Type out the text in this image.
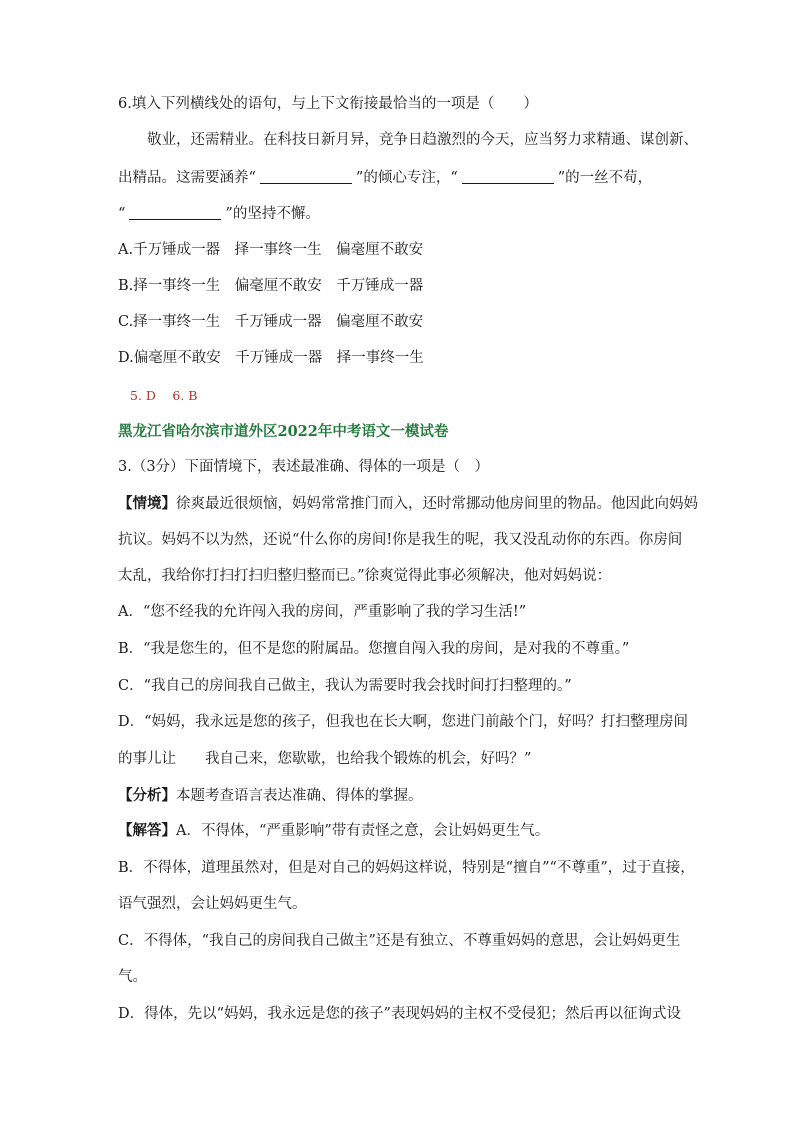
6.填入下列横线处的语句，与上下文衔接最恰当的一项是（　　）
敬业，还需精业。在科技日新月异，竞争日趋激烈的今天，应当努力求精通、谋创新、
出精品。这需要涵养“	”的倾心专注，“	”的一丝不苟，
“	”的坚持不懈。
A.千万锤成一器　择一事终一生　偏毫厘不敢安
B.择一事终一生　偏毫厘不敢安　千万锤成一器
C.择一事终一生　千万锤成一器　偏毫厘不敢安
D.偏毫厘不敢安　千万锤成一器　择一事终一生
5. D　 6. B
黑龙江省哈尔滨市道外区2022年中考语文一模试卷
3.（3分）下面情境下，表述最准确、得体的一项是（　）
【情境】徐爽最近很烦恼，妈妈常常推门而入，还时常挪动他房间里的物品。他因此向妈妈
抗议。妈妈不以为然，还说“什么你的房间!你是我生的呢，我又没乱动你的东西。你房间
太乱，我给你打扫打扫归整归整而已。”徐爽觉得此事必须解决，他对妈妈说：
A．“您不经我的允许闯入我的房间，严重影响了我的学习生活!”
B．“我是您生的，但不是您的附属品。您擅自闯入我的房间，是对我的不尊重。”
C．“我自己的房间我自己做主，我认为需要时我会找时间打扫整理的。”
D．“妈妈，我永远是您的孩子，但我也在长大啊，您进门前敲个门，好吗？打扫整理房间
的事儿让　　我自己来，您歇歇，也给我个锻炼的机会，好吗？”
【分析】本题考查语言表达准确、得体的掌握。
【解答】A．不得体，“严重影响”带有责怪之意，会让妈妈更生气。
B．不得体，道理虽然对，但是对自己的妈妈这样说，特别是“擅自”“不尊重”，过于直接，
语气强烈，会让妈妈更生气。
C．不得体，“我自己的房间我自己做主”还是有独立、不尊重妈妈的意思，会让妈妈更生
气。
D．得体，先以“妈妈，我永远是您的孩子”表现妈妈的主权不受侵犯；然后再以征询式设
